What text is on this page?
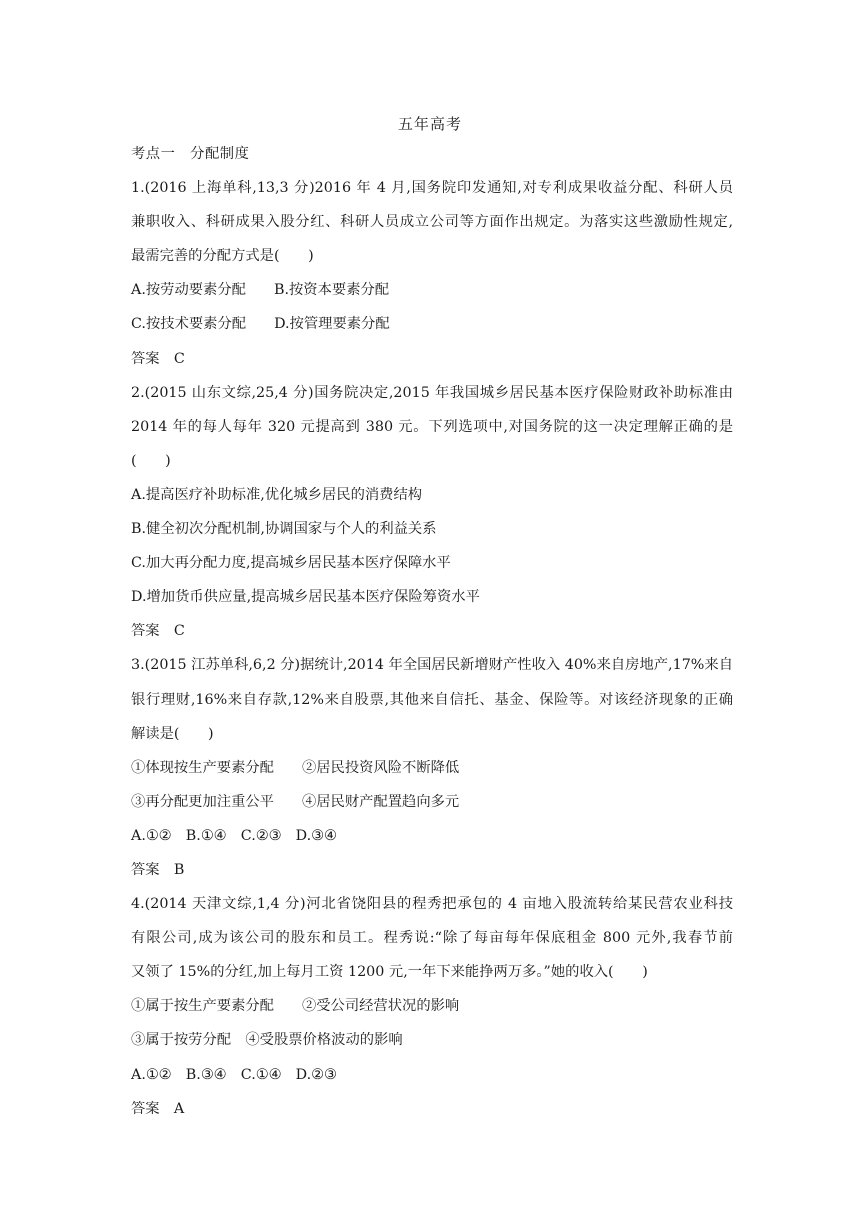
五年高考
考点一　分配制度
1.(2016 上海单科,13,3 分)2016 年 4 月,国务院印发通知,对专利成果收益分配、科研人员
兼职收入、科研成果入股分红、科研人员成立公司等方面作出规定。为落实这些激励性规定,
最需完善的分配方式是(　　)
A.按劳动要素分配 B.按资本要素分配
C.按技术要素分配 D.按管理要素分配
答案　C
2.(2015 山东文综,25,4 分)国务院决定,2015 年我国城乡居民基本医疗保险财政补助标准由
2014 年的每人每年 320 元提高到 380 元。下列选项中,对国务院的这一决定理解正确的是
(　　)
A.提高医疗补助标准,优化城乡居民的消费结构
B.健全初次分配机制,协调国家与个人的利益关系
C.加大再分配力度,提高城乡居民基本医疗保障水平
D.增加货币供应量,提高城乡居民基本医疗保险筹资水平
答案　C
3.(2015 江苏单科,6,2 分)据统计,2014 年全国居民新增财产性收入 40%来自房地产,17%来自
银行理财,16%来自存款,12%来自股票,其他来自信托、基金、保险等。对该经济现象的正确
解读是(　　)
①体现按生产要素分配 ②居民投资风险不断降低
③再分配更加注重公平 ④居民财产配置趋向多元
A.①②　B.①④　C.②③　D.③④
答案　B
4.(2014 天津文综,1,4 分)河北省饶阳县的程秀把承包的 4 亩地入股流转给某民营农业科技
有限公司,成为该公司的股东和员工。程秀说:“除了每亩每年保底租金 800 元外,我春节前
又领了 15%的分红,加上每月工资 1200 元,一年下来能挣两万多。”她的收入(　　)
①属于按生产要素分配 ②受公司经营状况的影响
③属于按劳分配　④受股票价格波动的影响
A.①②　B.③④　C.①④　D.②③
答案　A
